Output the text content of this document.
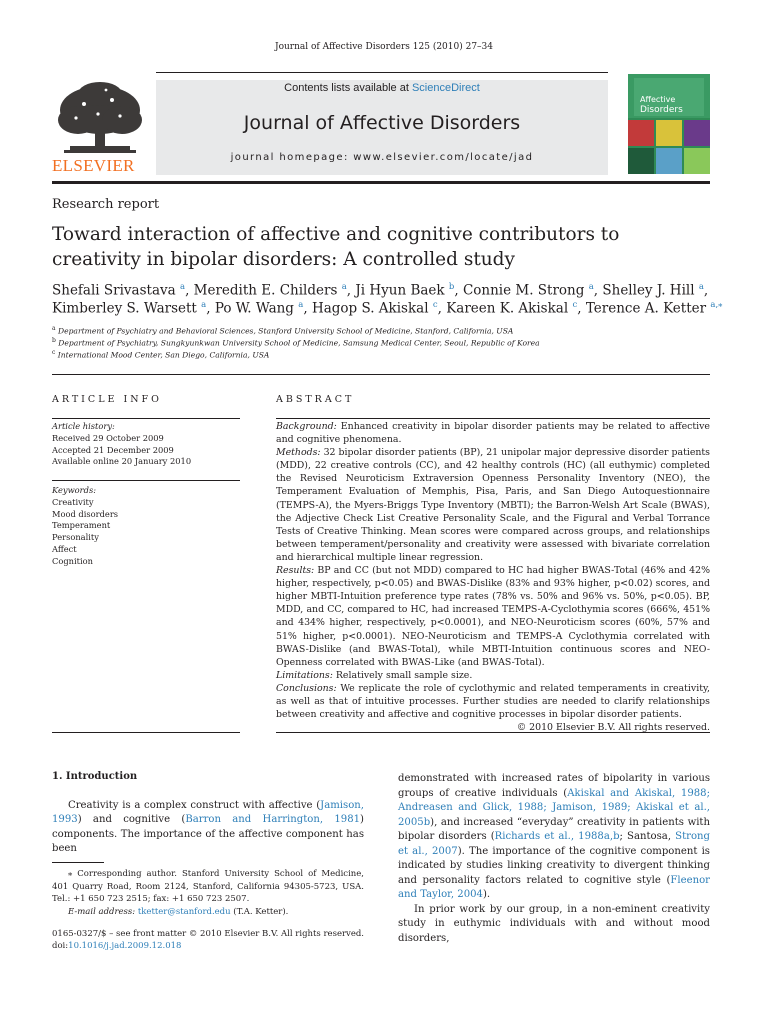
Journal of Affective Disorders 125 (2010) 27–34
ELSEVIER
Contents lists available at ScienceDirect
Journal of Affective Disorders
journal homepage: www.elsevier.com/locate/jad
Affective
Disorders
Research report
Toward interaction of affective and cognitive contributors to creativity in bipolar disorders: A controlled study
Shefali Srivastava $^a$, Meredith E. Childers $^a$, Ji Hyun Baek $^b$, Connie M. Strong $^a$, Shelley J. Hill $^a$,
Kimberley S. Warsett $^a$, Po W. Wang $^a$, Hagop S. Akiskal $^c$, Kareen K. Akiskal $^c$, Terence A. Ketter $^{a,⁎}$
$^a$ Department of Psychiatry and Behavioral Sciences, Stanford University School of Medicine, Stanford, California, USA
$^b$ Department of Psychiatry, Sungkyunkwan University School of Medicine, Samsung Medical Center, Seoul, Republic of Korea
$^c$ International Mood Center, San Diego, California, USA
ARTICLE INFO
Article history:
Received 29 October 2009
Accepted 21 December 2009
Available online 20 January 2010
Keywords:
Creativity
Mood disorders
Temperament
Personality
Affect
Cognition
ABSTRACT

Background: Enhanced creativity in bipolar disorder patients may be related to affective and cognitive phenomena.

Methods: 32 bipolar disorder patients (BP), 21 unipolar major depressive disorder patients (MDD), 22 creative controls (CC), and 42 healthy controls (HC) (all euthymic) completed the Revised Neuroticism Extraversion Openness Personality Inventory (NEO), the Temperament Evaluation of Memphis, Pisa, Paris, and San Diego Autoquestionnaire (TEMPS-A), the Myers-Briggs Type Inventory (MBTI); the Barron-Welsh Art Scale (BWAS), the Adjective Check List Creative Personality Scale, and the Figural and Verbal Torrance Tests of Creative Thinking. Mean scores were compared across groups, and relationships between temperament/personality and creativity were assessed with bivariate correlation and hierarchical multiple linear regression.

Results: BP and CC (but not MDD) compared to HC had higher BWAS-Total (46% and 42% higher, respectively, p<0.05) and BWAS-Dislike (83% and 93% higher, p<0.02) scores, and higher MBTI-Intuition preference type rates (78% vs. 50% and 96% vs. 50%, p<0.05). BP, MDD, and CC, compared to HC, had increased TEMPS-A-Cyclothymia scores (666%, 451% and 434% higher, respectively, p<0.0001), and NEO-Neuroticism scores (60%, 57% and 51% higher, p<0.0001). NEO-Neuroticism and TEMPS-A Cyclothymia correlated with BWAS-Dislike (and BWAS-Total), while MBTI-Intuition continuous scores and NEO-Openness correlated with BWAS-Like (and BWAS-Total).

Limitations: Relatively small sample size.

Conclusions: We replicate the role of cyclothymic and related temperaments in creativity, as well as that of intuitive processes. Further studies are needed to clarify relationships between creativity and affective and cognitive processes in bipolar disorder patients.

© 2010 Elsevier B.V. All rights reserved.

1. Introduction

Creativity is a complex construct with affective (Jamison, 1993) and cognitive (Barron and Harrington, 1981) components. The importance of the affective component has been

⁎ Corresponding author. Stanford University School of Medicine, 401 Quarry Road, Room 2124, Stanford, California 94305-5723, USA. Tel.: +1 650 723 2515; fax: +1 650 723 2507.
E-mail address: tketter@stanford.edu (T.A. Ketter).
0165-0327/$ – see front matter © 2010 Elsevier B.V. All rights reserved.
doi:10.1016/j.jad.2009.12.018

demonstrated with increased rates of bipolarity in various groups of creative individuals (Akiskal and Akiskal, 1988; Andreasen and Glick, 1988; Jamison, 1989; Akiskal et al., 2005b), and increased “everyday” creativity in patients with bipolar disorders (Richards et al., 1988a,b; Santosa, Strong et al., 2007). The importance of the cognitive component is indicated by studies linking creativity to divergent thinking and personality factors related to cognitive style (Fleenor and Taylor, 2004).

In prior work by our group, in a non-eminent creativity study in euthymic individuals with and without mood disorders,
